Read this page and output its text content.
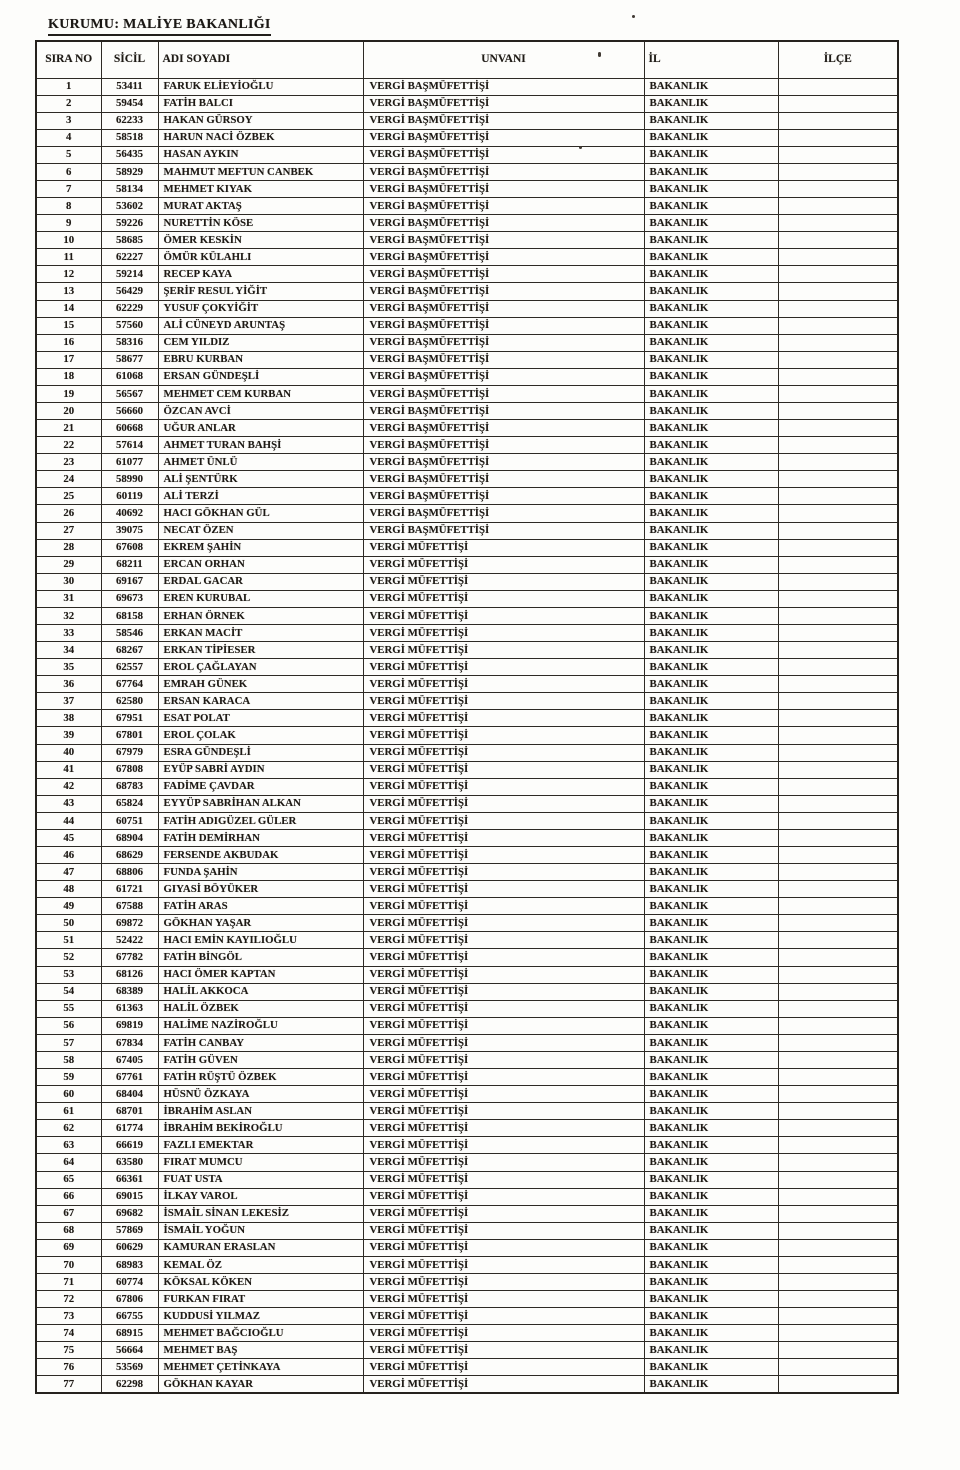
KURUMU: MALİYE BAKANLIĞI
SIRA NO	SİCİL	ADI SOYADI	UNVANI	İL	İLÇE
1	53411	FARUK ELİEYİOĞLU	VERGİ BAŞMÜFETTİŞİ	BAKANLIK	
2	59454	FATİH BALCI	VERGİ BAŞMÜFETTİŞİ	BAKANLIK	
3	62233	HAKAN GÜRSOY	VERGİ BAŞMÜFETTİŞİ	BAKANLIK	
4	58518	HARUN NACİ ÖZBEK	VERGİ BAŞMÜFETTİŞİ	BAKANLIK	
5	56435	HASAN AYKIN	VERGİ BAŞMÜFETTİŞİ	BAKANLIK	
6	58929	MAHMUT MEFTUN CANBEK	VERGİ BAŞMÜFETTİŞİ	BAKANLIK	
7	58134	MEHMET KIYAK	VERGİ BAŞMÜFETTİŞİ	BAKANLIK	
8	53602	MURAT AKTAŞ	VERGİ BAŞMÜFETTİŞİ	BAKANLIK	
9	59226	NURETTİN KÖSE	VERGİ BAŞMÜFETTİŞİ	BAKANLIK	
10	58685	ÖMER KESKİN	VERGİ BAŞMÜFETTİŞİ	BAKANLIK	
11	62227	ÖMÜR KÜLAHLI	VERGİ BAŞMÜFETTİŞİ	BAKANLIK	
12	59214	RECEP KAYA	VERGİ BAŞMÜFETTİŞİ	BAKANLIK	
13	56429	ŞERİF RESUL YİĞİT	VERGİ BAŞMÜFETTİŞİ	BAKANLIK	
14	62229	YUSUF ÇOKYİĞİT	VERGİ BAŞMÜFETTİŞİ	BAKANLIK	
15	57560	ALİ CÜNEYD ARUNTAŞ	VERGİ BAŞMÜFETTİŞİ	BAKANLIK	
16	58316	CEM YILDIZ	VERGİ BAŞMÜFETTİŞİ	BAKANLIK	
17	58677	EBRU KURBAN	VERGİ BAŞMÜFETTİŞİ	BAKANLIK	
18	61068	ERSAN GÜNDEŞLİ	VERGİ BAŞMÜFETTİŞİ	BAKANLIK	
19	56567	MEHMET CEM KURBAN	VERGİ BAŞMÜFETTİŞİ	BAKANLIK	
20	56660	ÖZCAN AVCİ	VERGİ BAŞMÜFETTİŞİ	BAKANLIK	
21	60668	UĞUR ANLAR	VERGİ BAŞMÜFETTİŞİ	BAKANLIK	
22	57614	AHMET TURAN BAHŞİ	VERGİ BAŞMÜFETTİŞİ	BAKANLIK	
23	61077	AHMET ÜNLÜ	VERGİ BAŞMÜFETTİŞİ	BAKANLIK	
24	58990	ALİ ŞENTÜRK	VERGİ BAŞMÜFETTİŞİ	BAKANLIK	
25	60119	ALİ TERZİ	VERGİ BAŞMÜFETTİŞİ	BAKANLIK	
26	40692	HACI GÖKHAN GÜL	VERGİ BAŞMÜFETTİŞİ	BAKANLIK	
27	39075	NECAT ÖZEN	VERGİ BAŞMÜFETTİŞİ	BAKANLIK	
28	67608	EKREM ŞAHİN	VERGİ MÜFETTİŞİ	BAKANLIK	
29	68211	ERCAN ORHAN	VERGİ MÜFETTİŞİ	BAKANLIK	
30	69167	ERDAL GACAR	VERGİ MÜFETTİŞİ	BAKANLIK	
31	69673	EREN KURUBAL	VERGİ MÜFETTİŞİ	BAKANLIK	
32	68158	ERHAN ÖRNEK	VERGİ MÜFETTİŞİ	BAKANLIK	
33	58546	ERKAN MACİT	VERGİ MÜFETTİŞİ	BAKANLIK	
34	68267	ERKAN TİPİESER	VERGİ MÜFETTİŞİ	BAKANLIK	
35	62557	EROL ÇAĞLAYAN	VERGİ MÜFETTİŞİ	BAKANLIK	
36	67764	EMRAH GÜNEK	VERGİ MÜFETTİŞİ	BAKANLIK	
37	62580	ERSAN KARACA	VERGİ MÜFETTİŞİ	BAKANLIK	
38	67951	ESAT POLAT	VERGİ MÜFETTİŞİ	BAKANLIK	
39	67801	EROL ÇOLAK	VERGİ MÜFETTİŞİ	BAKANLIK	
40	67979	ESRA GÜNDEŞLİ	VERGİ MÜFETTİŞİ	BAKANLIK	
41	67808	EYÜP SABRİ AYDIN	VERGİ MÜFETTİŞİ	BAKANLIK	
42	68783	FADİME ÇAVDAR	VERGİ MÜFETTİŞİ	BAKANLIK	
43	65824	EYYÜP SABRİHAN ALKAN	VERGİ MÜFETTİŞİ	BAKANLIK	
44	60751	FATİH ADIGÜZEL GÜLER	VERGİ MÜFETTİŞİ	BAKANLIK	
45	68904	FATİH DEMİRHAN	VERGİ MÜFETTİŞİ	BAKANLIK	
46	68629	FERSENDE AKBUDAK	VERGİ MÜFETTİŞİ	BAKANLIK	
47	68806	FUNDA ŞAHİN	VERGİ MÜFETTİŞİ	BAKANLIK	
48	61721	GIYASİ BÖYÜKER	VERGİ MÜFETTİŞİ	BAKANLIK	
49	67588	FATİH ARAS	VERGİ MÜFETTİŞİ	BAKANLIK	
50	69872	GÖKHAN YAŞAR	VERGİ MÜFETTİŞİ	BAKANLIK	
51	52422	HACI EMİN KAYILIOĞLU	VERGİ MÜFETTİŞİ	BAKANLIK	
52	67782	FATİH BİNGÖL	VERGİ MÜFETTİŞİ	BAKANLIK	
53	68126	HACI ÖMER KAPTAN	VERGİ MÜFETTİŞİ	BAKANLIK	
54	68389	HALİL AKKOCA	VERGİ MÜFETTİŞİ	BAKANLIK	
55	61363	HALİL ÖZBEK	VERGİ MÜFETTİŞİ	BAKANLIK	
56	69819	HALİME NAZİROĞLU	VERGİ MÜFETTİŞİ	BAKANLIK	
57	67834	FATİH CANBAY	VERGİ MÜFETTİŞİ	BAKANLIK	
58	67405	FATİH GÜVEN	VERGİ MÜFETTİŞİ	BAKANLIK	
59	67761	FATİH RÜŞTÜ ÖZBEK	VERGİ MÜFETTİŞİ	BAKANLIK	
60	68404	HÜSNÜ ÖZKAYA	VERGİ MÜFETTİŞİ	BAKANLIK	
61	68701	İBRAHİM ASLAN	VERGİ MÜFETTİŞİ	BAKANLIK	
62	61774	İBRAHİM BEKİROĞLU	VERGİ MÜFETTİŞİ	BAKANLIK	
63	66619	FAZLI EMEKTAR	VERGİ MÜFETTİŞİ	BAKANLIK	
64	63580	FIRAT MUMCU	VERGİ MÜFETTİŞİ	BAKANLIK	
65	66361	FUAT USTA	VERGİ MÜFETTİŞİ	BAKANLIK	
66	69015	İLKAY VAROL	VERGİ MÜFETTİŞİ	BAKANLIK	
67	69682	İSMAİL SİNAN LEKESİZ	VERGİ MÜFETTİŞİ	BAKANLIK	
68	57869	İSMAİL YOĞUN	VERGİ MÜFETTİŞİ	BAKANLIK	
69	60629	KAMURAN ERASLAN	VERGİ MÜFETTİŞİ	BAKANLIK	
70	68983	KEMAL ÖZ	VERGİ MÜFETTİŞİ	BAKANLIK	
71	60774	KÖKSAL KÖKEN	VERGİ MÜFETTİŞİ	BAKANLIK	
72	67806	FURKAN FIRAT	VERGİ MÜFETTİŞİ	BAKANLIK	
73	66755	KUDDUSİ YILMAZ	VERGİ MÜFETTİŞİ	BAKANLIK	
74	68915	MEHMET BAĞCIOĞLU	VERGİ MÜFETTİŞİ	BAKANLIK	
75	56664	MEHMET BAŞ	VERGİ MÜFETTİŞİ	BAKANLIK	
76	53569	MEHMET ÇETİNKAYA	VERGİ MÜFETTİŞİ	BAKANLIK	
77	62298	GÖKHAN KAYAR	VERGİ MÜFETTİŞİ	BAKANLIK	
